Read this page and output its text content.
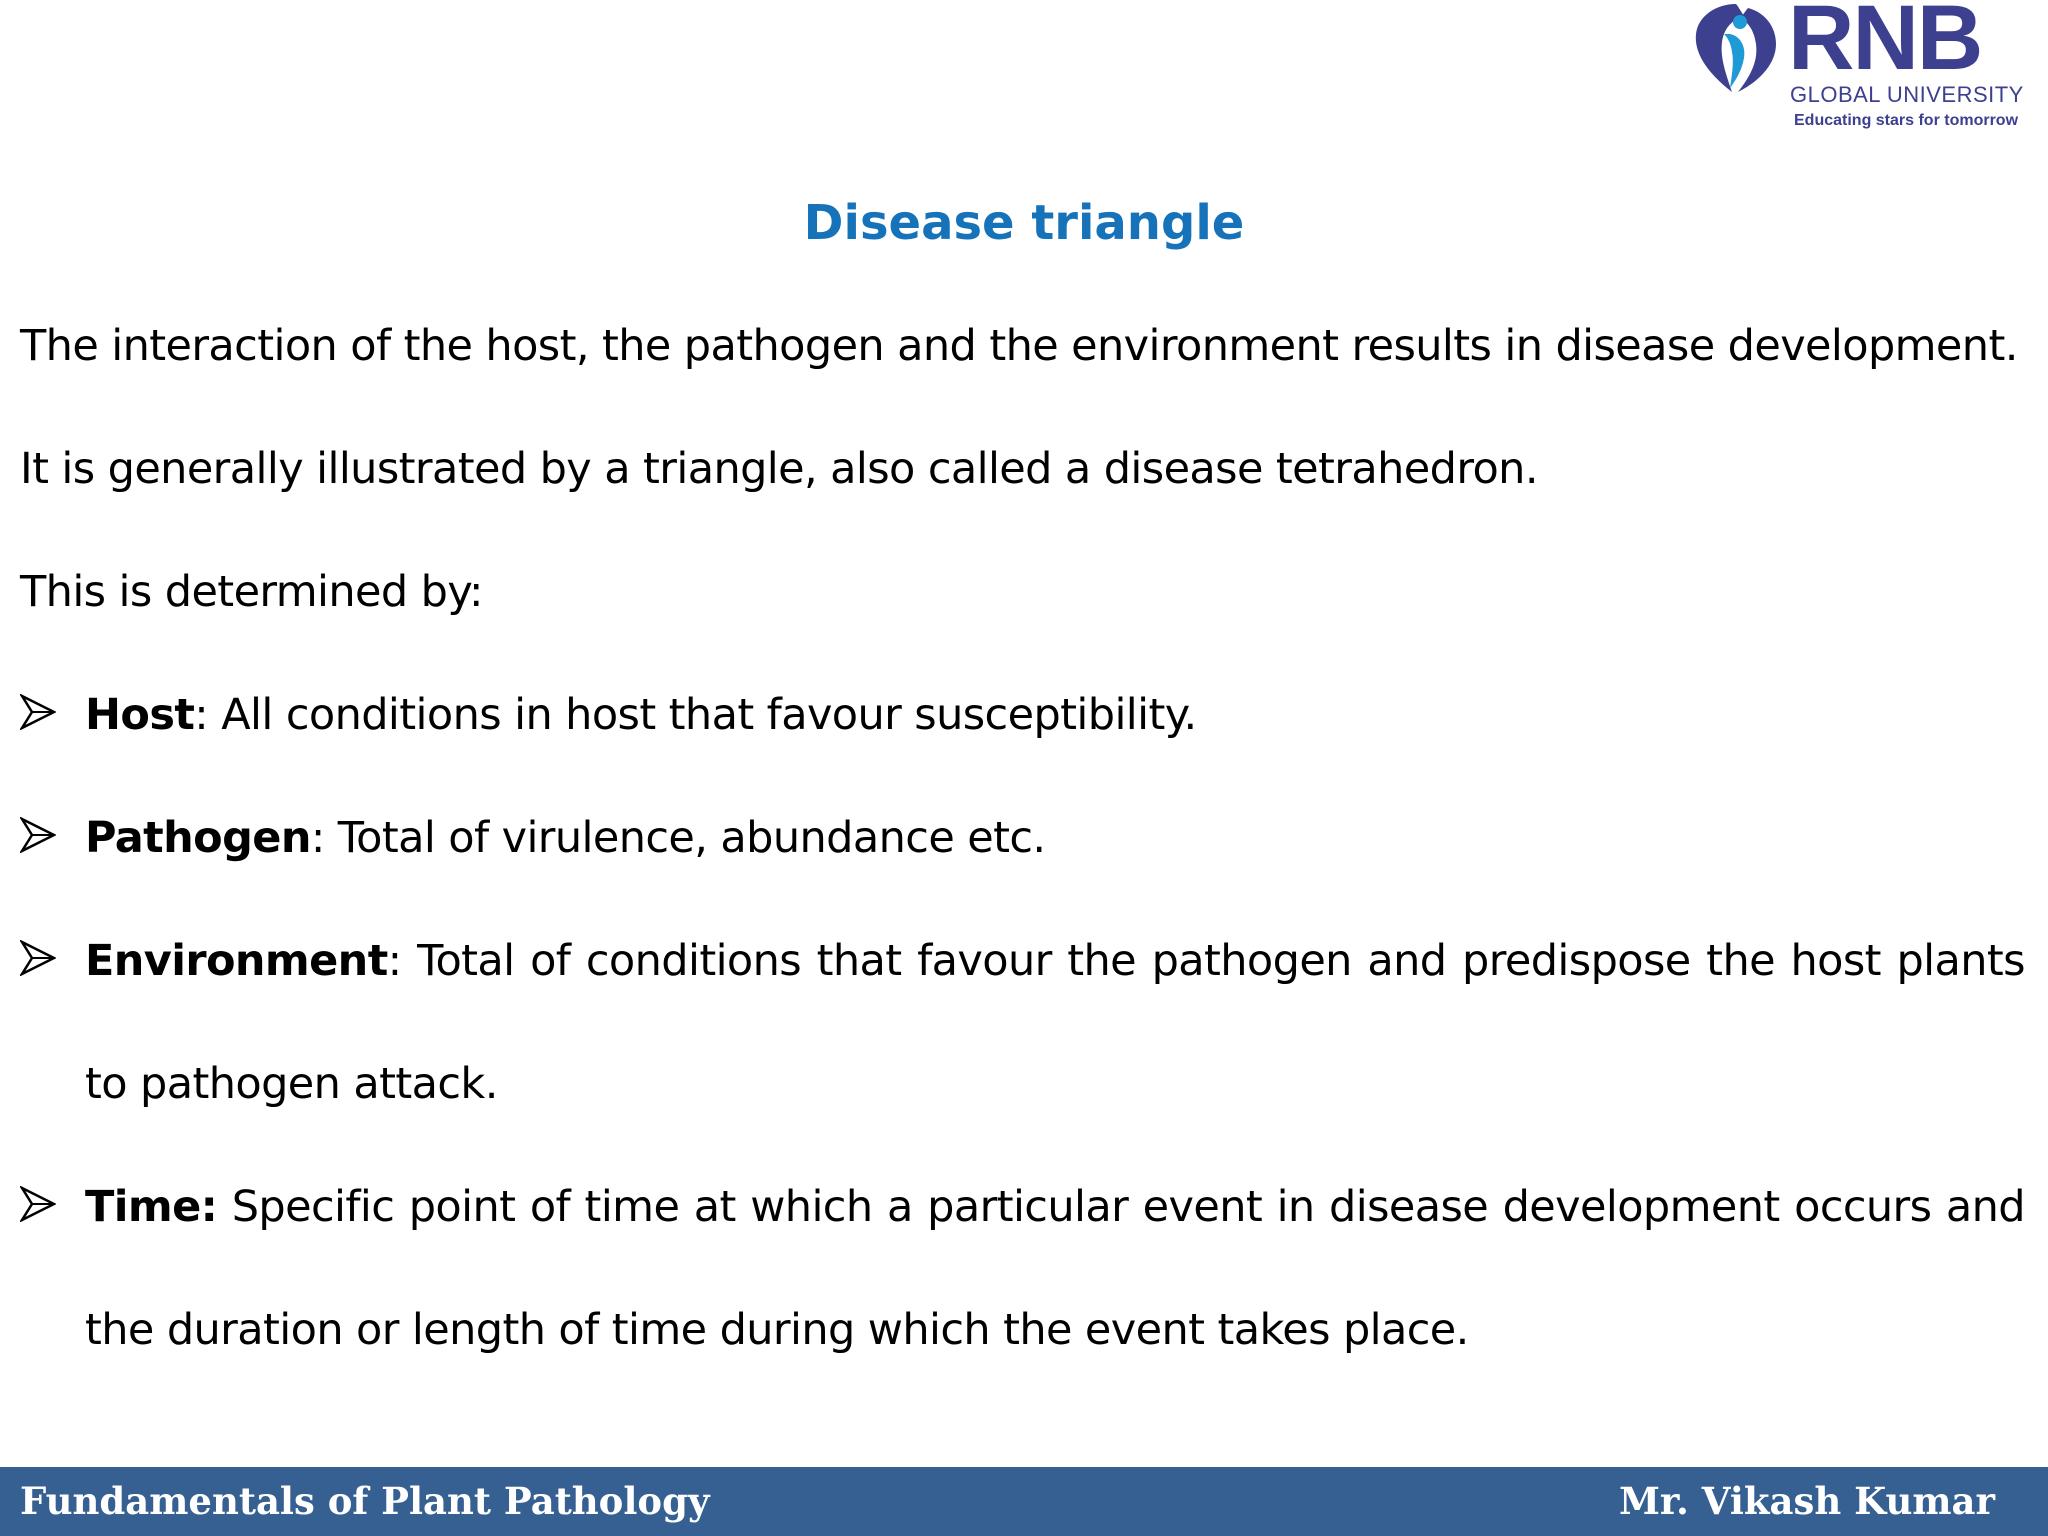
RNB
GLOBAL UNIVERSITY
Educating stars for tomorrow
Disease triangle
The interaction of the host, the pathogen and the environment results in disease development.
It is generally illustrated by a triangle, also called a disease tetrahedron.
This is determined by:
Host: All conditions in host that favour susceptibility.
Pathogen: Total of virulence, abundance etc.
Environment: Total of conditions that favour the pathogen and predispose the host plants to pathogen attack.
Time: Specific point of time at which a particular event in disease development occurs and the duration or length of time during which the event takes place.
Fundamentals of Plant Pathology	Mr. Vikash Kumar
